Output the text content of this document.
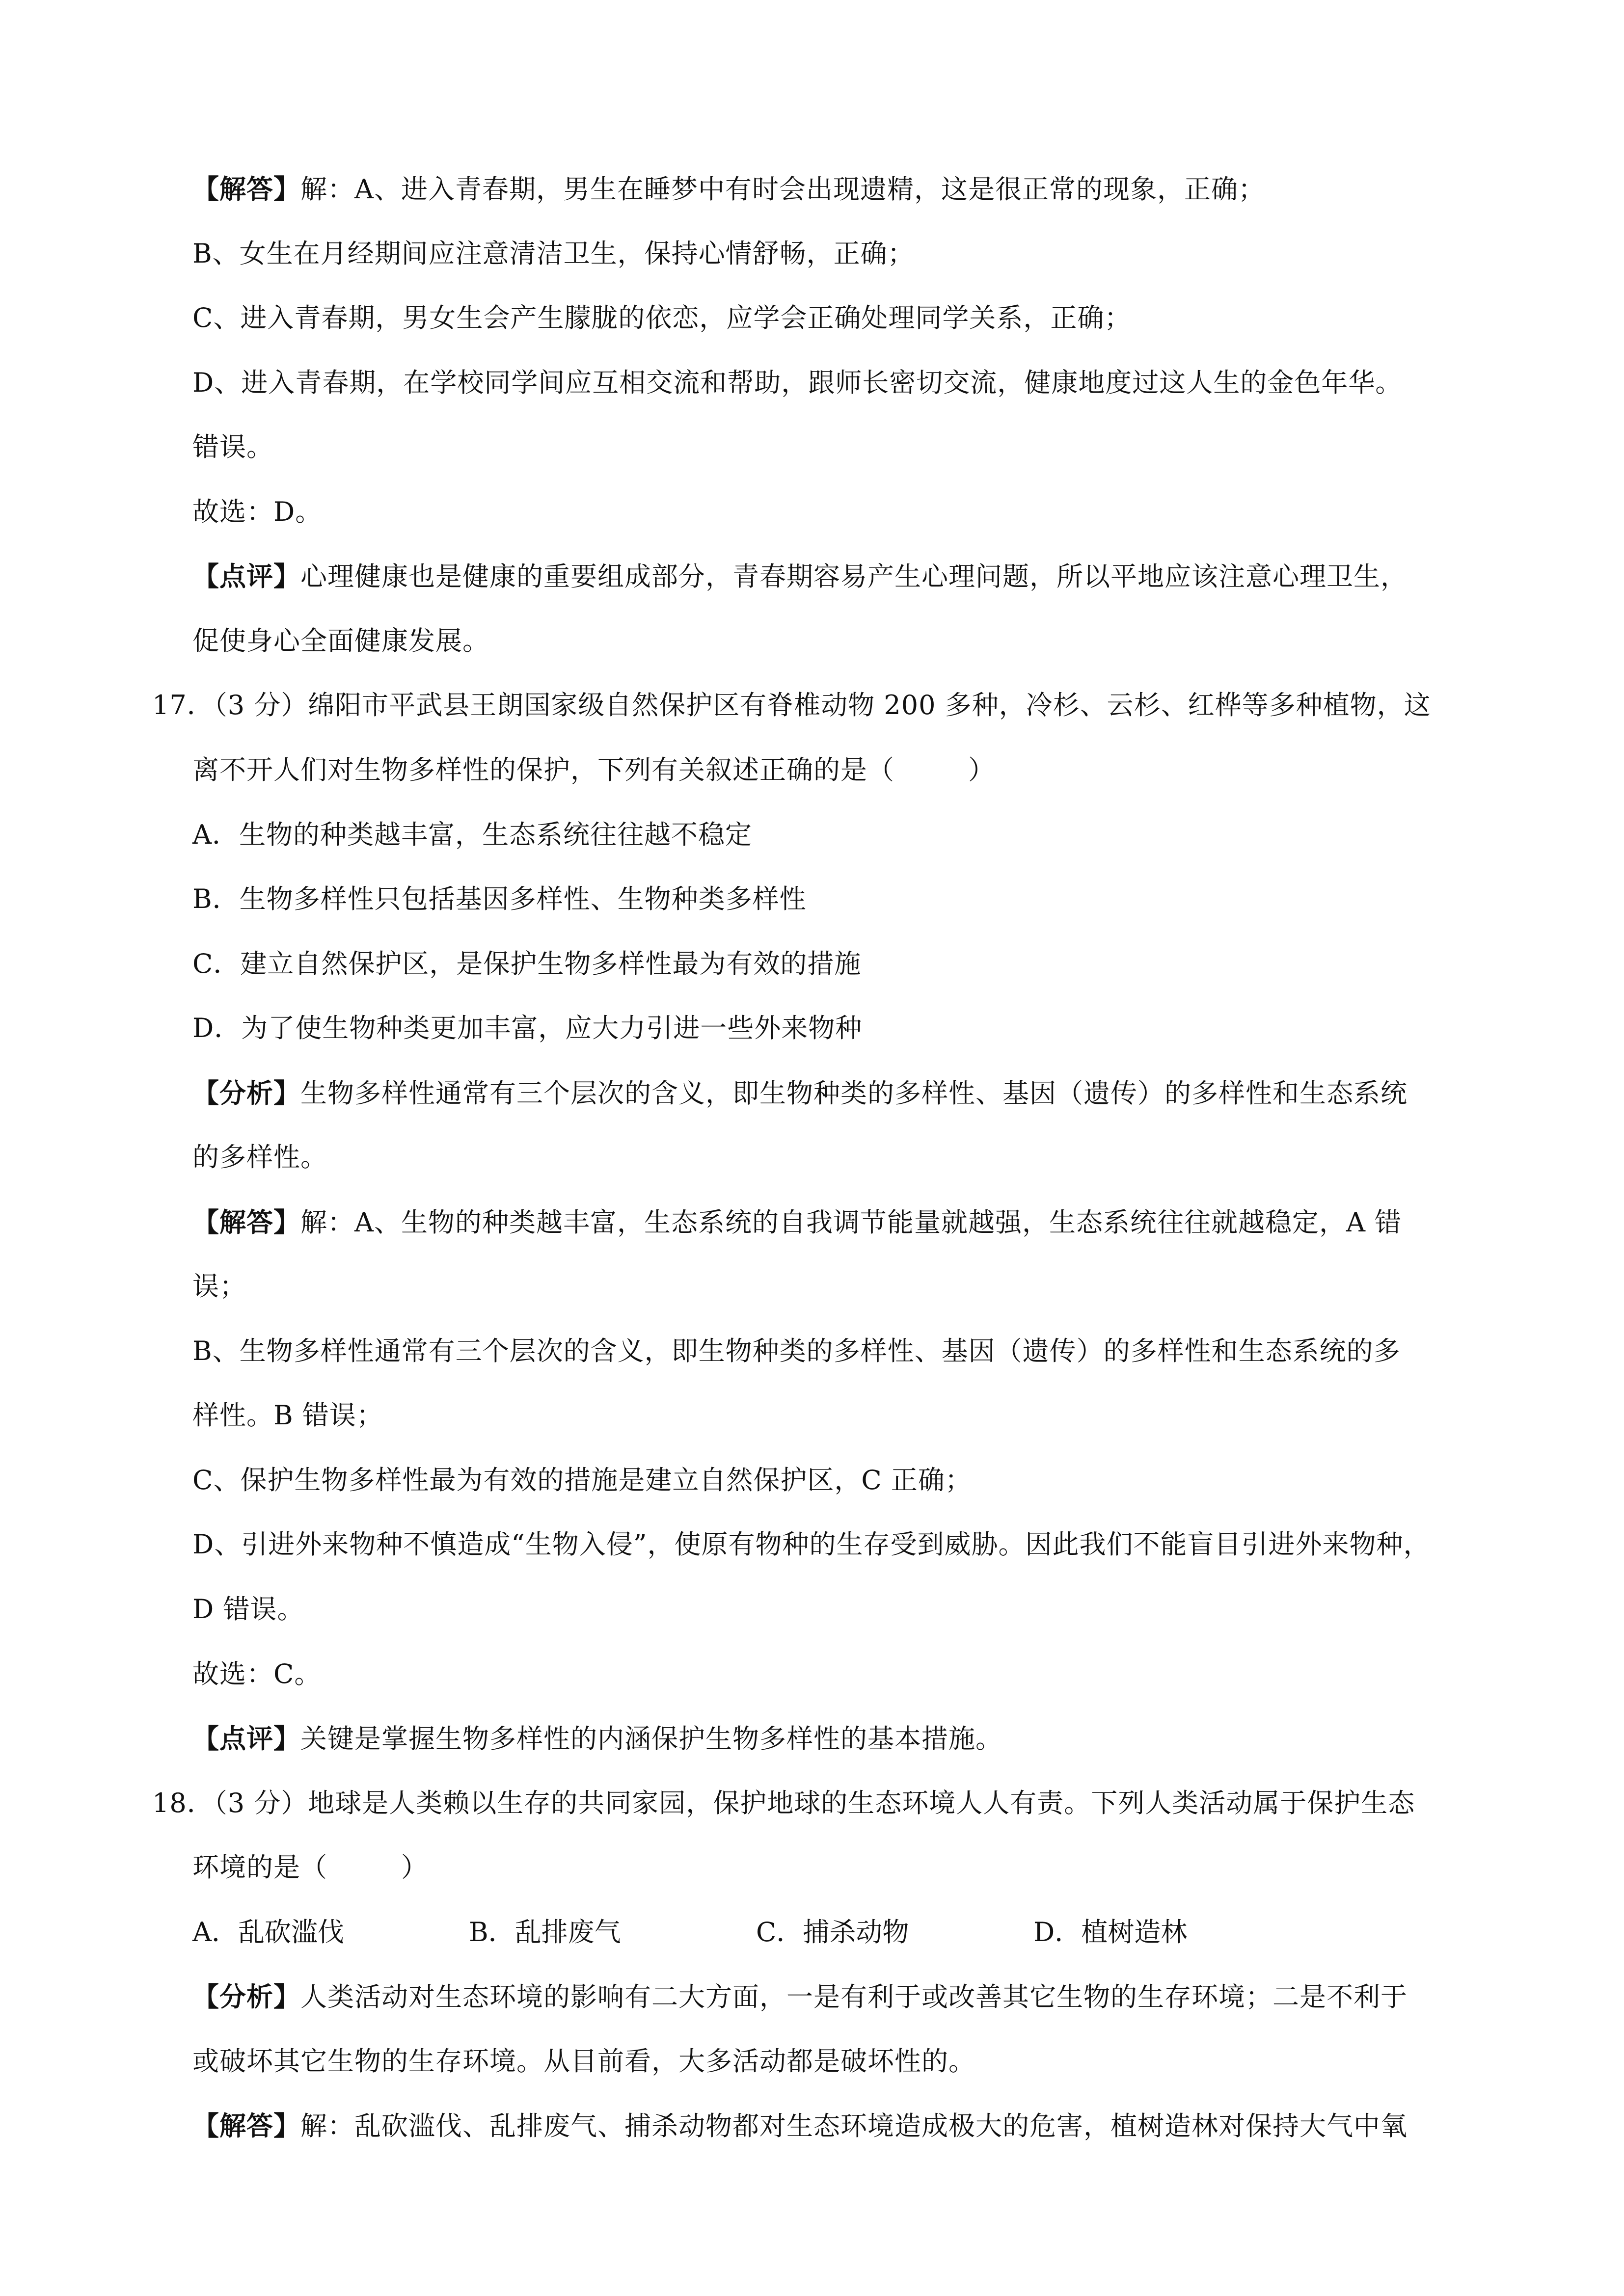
【解答】解：A、进入青春期，男生在睡梦中有时会出现遗精，这是很正常的现象，正确；
B、女生在月经期间应注意清洁卫生，保持心情舒畅，正确；
C、进入青春期，男女生会产生朦胧的依恋，应学会正确处理同学关系，正确；
D、进入青春期，在学校同学间应互相交流和帮助，跟师长密切交流，健康地度过这人生的金色年华。
错误。
故选：D。
【点评】心理健康也是健康的重要组成部分，青春期容易产生心理问题，所以平地应该注意心理卫生，
促使身心全面健康发展。
17．（3 分）绵阳市平武县王朗国家级自然保护区有脊椎动物 200 多种，冷杉、云杉、红桦等多种植物，这
离不开人们对生物多样性的保护，下列有关叙述正确的是（	）
A．生物的种类越丰富，生态系统往往越不稳定
B．生物多样性只包括基因多样性、生物种类多样性
C．建立自然保护区，是保护生物多样性最为有效的措施
D．为了使生物种类更加丰富，应大力引进一些外来物种
【分析】生物多样性通常有三个层次的含义，即生物种类的多样性、基因（遗传）的多样性和生态系统
的多样性。
【解答】解：A、生物的种类越丰富，生态系统的自我调节能量就越强，生态系统往往就越稳定，A 错
误；
B、生物多样性通常有三个层次的含义，即生物种类的多样性、基因（遗传）的多样性和生态系统的多
样性。B 错误；
C、保护生物多样性最为有效的措施是建立自然保护区，C 正确；
D、引进外来物种不慎造成“生物入侵”，使原有物种的生存受到威胁。因此我们不能盲目引进外来物种，
D 错误。
故选：C。
【点评】关键是掌握生物多样性的内涵保护生物多样性的基本措施。
18．（3 分）地球是人类赖以生存的共同家园，保护地球的生态环境人人有责。下列人类活动属于保护生态
环境的是（	）
A．乱砍滥伐	B．乱排废气	C．捕杀动物	D．植树造林
【分析】人类活动对生态环境的影响有二大方面，一是有利于或改善其它生物的生存环境；二是不利于
或破坏其它生物的生存环境。从目前看，大多活动都是破坏性的。
【解答】解：乱砍滥伐、乱排废气、捕杀动物都对生态环境造成极大的危害，植树造林对保持大气中氧
